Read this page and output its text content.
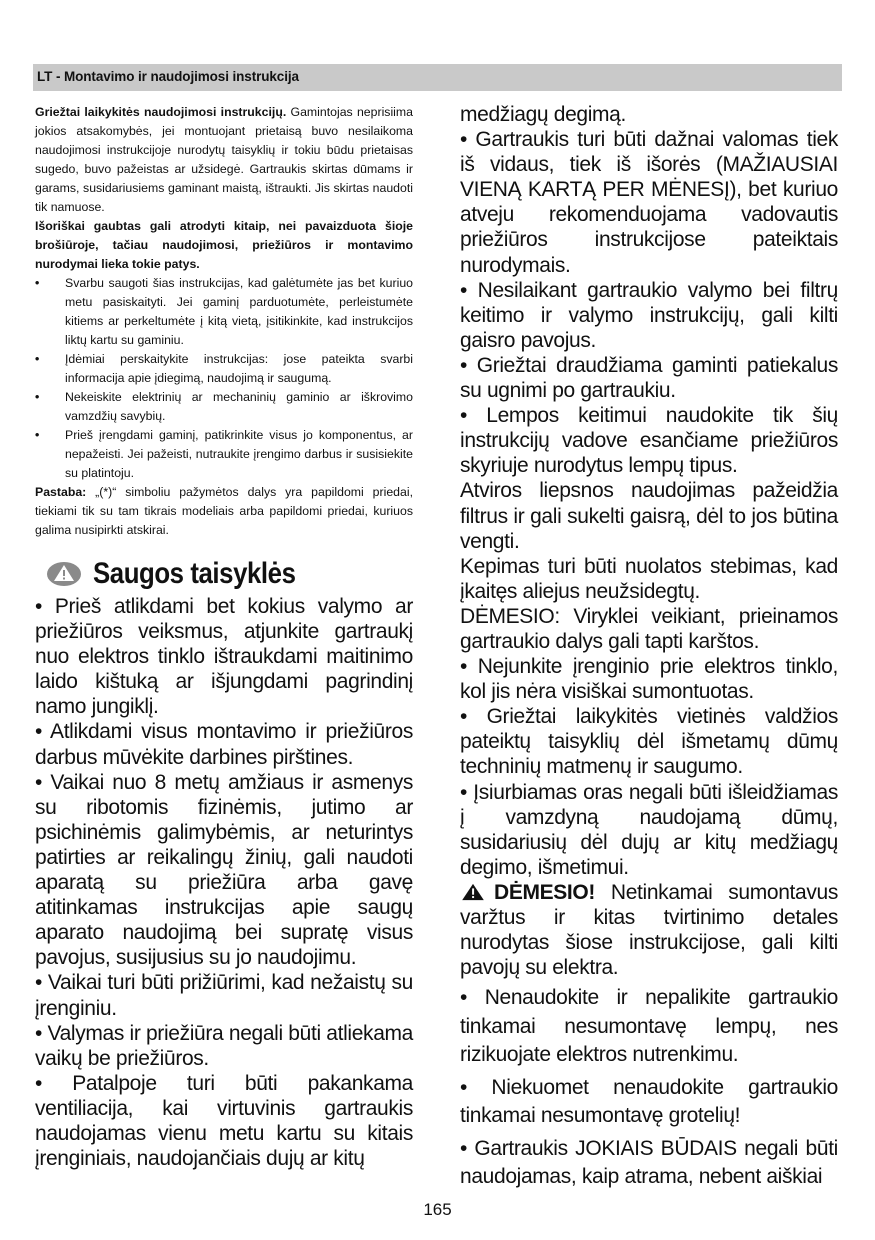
LT - Montavimo ir naudojimosi instrukcija

Griežtai laikykitės naudojimosi instrukcijų. Gamintojas neprisiima jokios atsakomybės, jei montuojant prietaisą buvo nesilaikoma naudojimosi instrukcijoje nurodytų taisyklių ir tokiu būdu prietaisas sugedo, buvo pažeistas ar užsidegė. Gartraukis skirtas dūmams ir garams, susidariusiems gaminant maistą, ištraukti. Jis skirtas naudoti tik namuose.

Išoriškai gaubtas gali atrodyti kitaip, nei pavaizduota šioje brošiūroje, tačiau naudojimosi, priežiūros ir montavimo nurodymai lieka tokie patys.

• Svarbu saugoti šias instrukcijas, kad galėtumėte jas bet kuriuo metu pasiskaityti. Jei gaminį parduotumėte, perleistumėte kitiems ar perkeltumėte į kitą vietą, įsitikinkite, kad instrukcijos liktų kartu su gaminiu.
• Įdėmiai perskaitykite instrukcijas: jose pateikta svarbi informacija apie įdiegimą, naudojimą ir saugumą.
• Nekeiskite elektrinių ar mechaninių gaminio ar iškrovimo vamzdžių savybių.
• Prieš įrengdami gaminį, patikrinkite visus jo komponentus, ar nepažeisti. Jei pažeisti, nutraukite įrengimo darbus ir susisiekite su platintoju.

Pastaba: „(*)“ simboliu pažymėtos dalys yra papildomi priedai, tiekiami tik su tam tikrais modeliais arba papildomi priedai, kuriuos galima nusipirkti atskirai.

Saugos taisyklės

• Prieš atlikdami bet kokius valymo ar priežiūros veiksmus, atjunkite gartraukį nuo elektros tinklo ištraukdami maitinimo laido kištuką ar išjungdami pagrindinį namo jungiklį.

• Atlikdami visus montavimo ir priežiūros darbus mūvėkite darbines pirštines.

• Vaikai nuo 8 metų amžiaus ir asmenys su ribotomis fizinėmis, jutimo ar psichinėmis galimybėmis, ar neturintys patirties ar reikalingų žinių, gali naudoti aparatą su priežiūra arba gavę atitinkamas instrukcijas apie saugų aparato naudojimą bei supratę visus pavojus, susijusius su jo naudojimu.

• Vaikai turi būti prižiūrimi, kad nežaistų su įrenginiu.

• Valymas ir priežiūra negali būti atliekama vaikų be priežiūros.

• Patalpoje turi būti pakankama ventiliacija, kai virtuvinis gartraukis naudojamas vienu metu kartu su kitais įrenginiais, naudojančiais dujų ar kitų

medžiagų degimą.

• Gartraukis turi būti dažnai valomas tiek iš vidaus, tiek iš išorės (MAŽIAUSIAI VIENĄ KARTĄ PER MĖNESĮ), bet kuriuo atveju rekomenduojama vadovautis priežiūros instrukcijose pateiktais nurodymais.

• Nesilaikant gartraukio valymo bei filtrų keitimo ir valymo instrukcijų, gali kilti gaisro pavojus.

• Griežtai draudžiama gaminti patiekalus su ugnimi po gartraukiu.

• Lempos keitimui naudokite tik šių instrukcijų vadove esančiame priežiūros skyriuje nurodytus lempų tipus.

Atviros liepsnos naudojimas pažeidžia filtrus ir gali sukelti gaisrą, dėl to jos būtina vengti.

Kepimas turi būti nuolatos stebimas, kad įkaitęs aliejus neužsidegtų.

DĖMESIO: Viryklei veikiant, prieinamos gartraukio dalys gali tapti karštos.

• Nejunkite įrenginio prie elektros tinklo, kol jis nėra visiškai sumontuotas.

• Griežtai laikykitės vietinės valdžios pateiktų taisyklių dėl išmetamų dūmų techninių matmenų ir saugumo.

• Įsiurbiamas oras negali būti išleidžiamas į vamzdyną naudojamą dūmų, susidariusių dėl dujų ar kitų medžiagų degimo, išmetimui.

DĖMESIO! Netinkamai sumontavus varžtus ir kitas tvirtinimo detales nurodytas šiose instrukcijose, gali kilti pavojų su elektra.

• Nenaudokite ir nepalikite gartraukio tinkamai nesumontavę lempų, nes rizikuojate elektros nutrenkimu.

• Niekuomet nenaudokite gartraukio tinkamai nesumontavę grotelių!

• Gartraukis JOKIAIS BŪDAIS negali būti naudojamas, kaip atrama, nebent aiškiai

165
